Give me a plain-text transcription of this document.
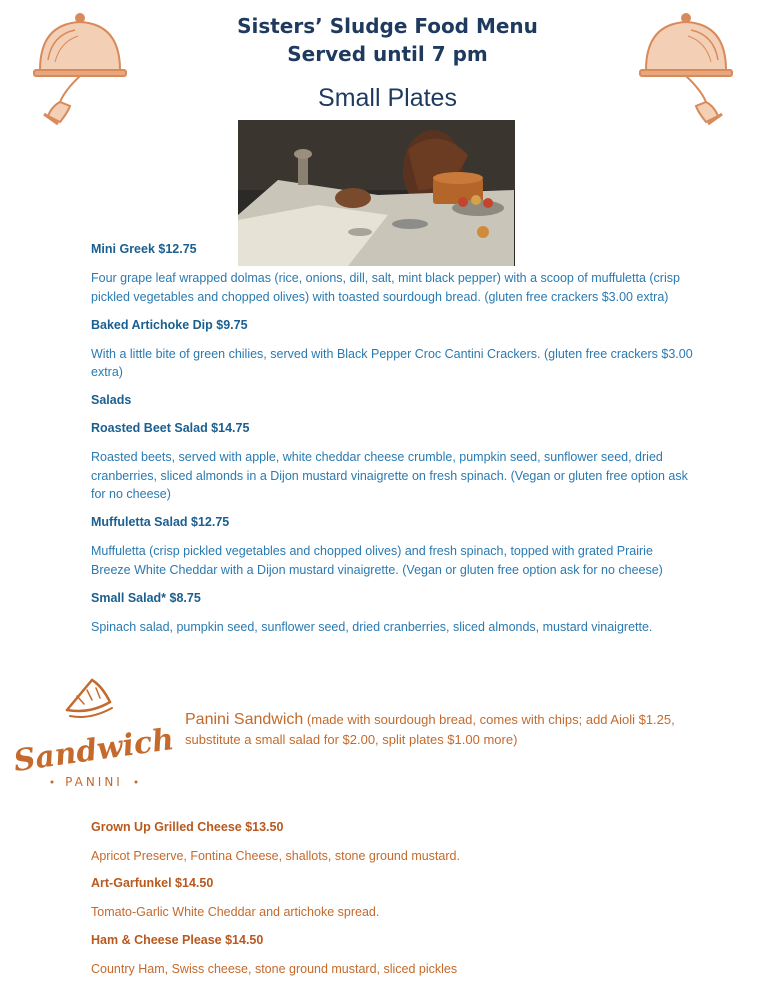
Sisters’ Sludge Food Menu
Served until 7 pm
Small Plates
Mini Greek $12.75
Four grape leaf wrapped dolmas (rice, onions, dill, salt, mint black pepper) with a scoop of muffuletta (crisp
pickled vegetables and chopped olives) with toasted sourdough bread. (gluten free crackers $3.00 extra)
Baked Artichoke Dip $9.75
With a little bite of green chilies, served with Black Pepper Croc Cantini Crackers. (gluten free crackers $3.00
extra)
Salads
Roasted Beet Salad $14.75
Roasted beets, served with apple, white cheddar cheese crumble, pumpkin seed, sunflower seed, dried
cranberries, sliced almonds in a Dijon mustard vinaigrette on fresh spinach. (Vegan or gluten free option ask
for no cheese)
Muffuletta Salad $12.75
Muffuletta (crisp pickled vegetables and chopped olives) and fresh spinach, topped with grated Prairie
Breeze White Cheddar with a Dijon mustard vinaigrette. (Vegan or gluten free option ask for no cheese)
Small Salad* $8.75
Spinach salad, pumpkin seed, sunflower seed, dried cranberries, sliced almonds, mustard vinaigrette.
Sandwich
PANINI
Panini Sandwich (made with sourdough bread, comes with chips; add Aioli $1.25,
substitute a small salad for $2.00, split plates $1.00 more)
Grown Up Grilled Cheese $13.50
Apricot Preserve, Fontina Cheese, shallots, stone ground mustard.
Art-Garfunkel $14.50
Tomato-Garlic White Cheddar and artichoke spread.
Ham & Cheese Please $14.50
Country Ham, Swiss cheese, stone ground mustard, sliced pickles
